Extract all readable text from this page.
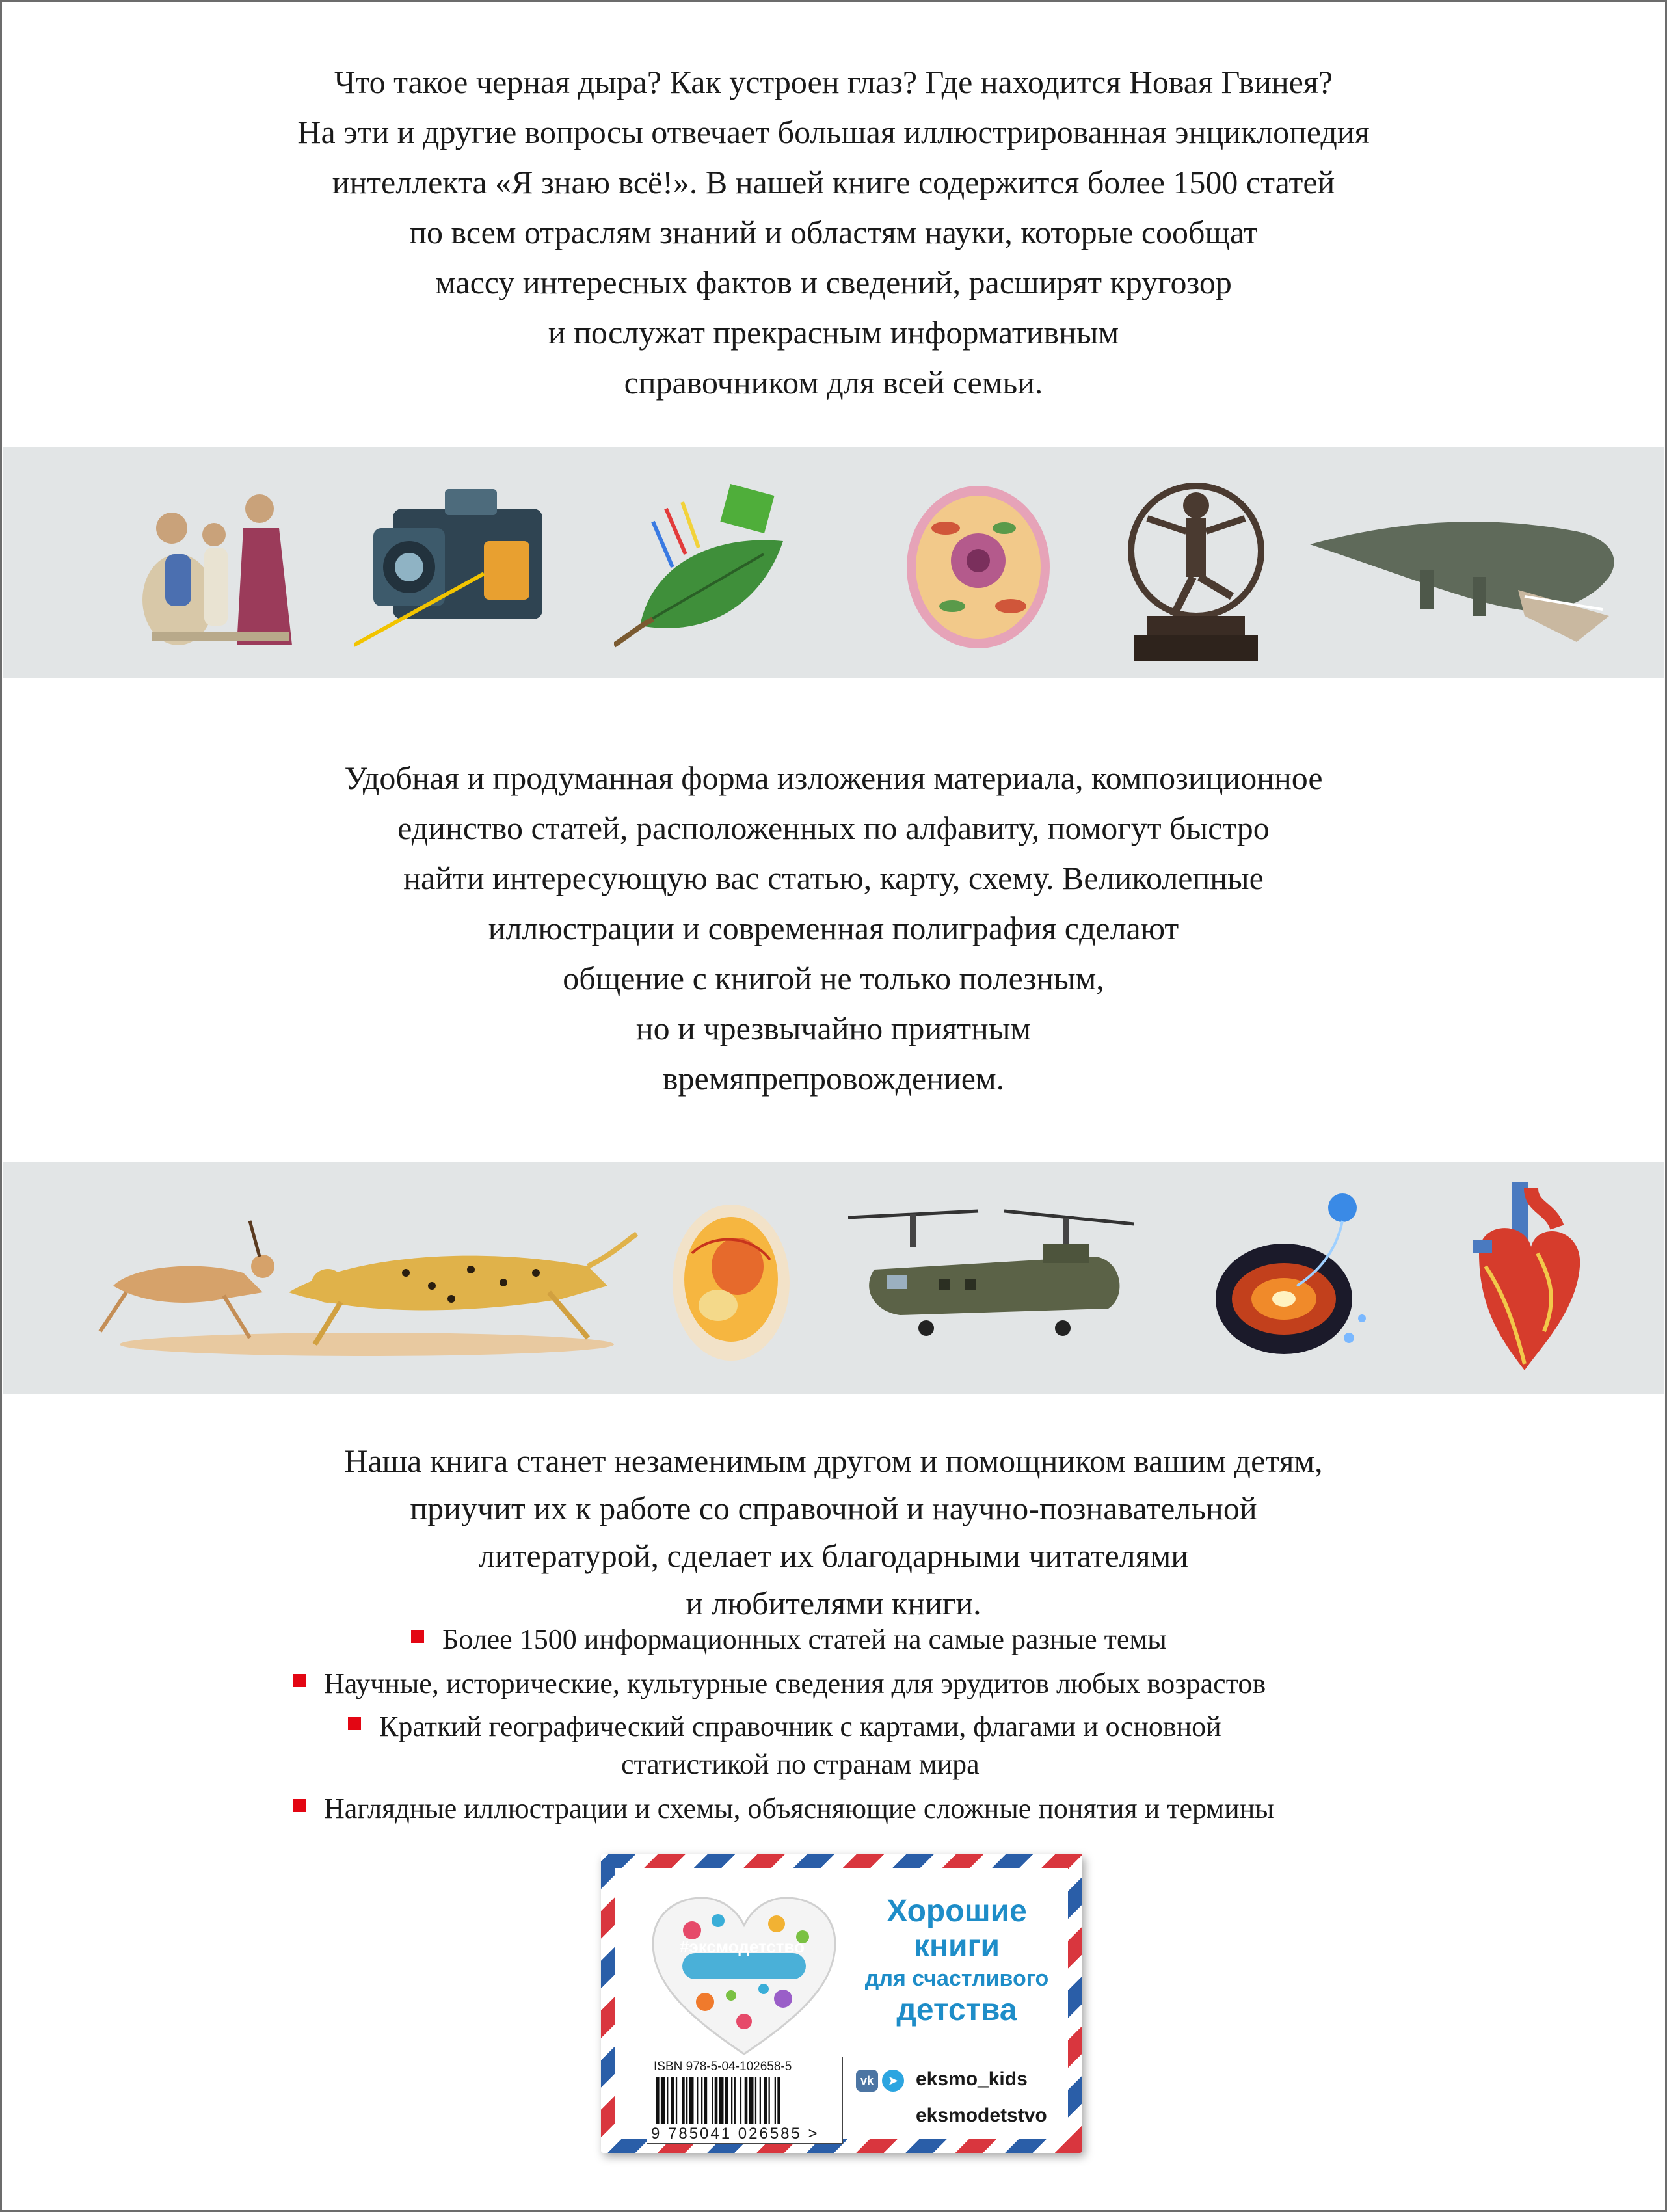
Что такое черная дыра? Как устроен глаз? Где находится Новая Гвинея?
На эти и другие вопросы отвечает большая иллюстрированная энциклопедия
интеллекта «Я знаю всё!». В нашей книге содержится более 1500 статей
по всем отраслям знаний и областям науки, которые сообщат
массу интересных фактов и сведений, расширят кругозор
и послужат прекрасным информативным
справочником для всей семьи.
Удобная и продуманная форма изложения материала, композиционное
единство статей, расположенных по алфавиту, помогут быстро
найти интересующую вас статью, карту, схему. Великолепные
иллюстрации и современная полиграфия сделают
общение с книгой не только полезным,
но и чрезвычайно приятным
времяпрепровождением.
Наша книга станет незаменимым другом и помощником вашим детям,
приучит их к работе со справочной и научно-познавательной
литературой, сделает их благодарными читателями
и любителями книги.
Более 1500 информационных статей на самые разные темы
Научные, исторические, культурные сведения для эрудитов любых возрастов
Краткий географический справочник с картами, флагами и основной
статистикой по странам мира
Наглядные иллюстрации и схемы, объясняющие сложные понятия и термины
#эксмодетство
Хорошие
книги
для счастливого
детства
ISBN 978-5-04-102658-5
9 785041 026585 >
vk	➤ eksmo_kids
eksmodetstvo
